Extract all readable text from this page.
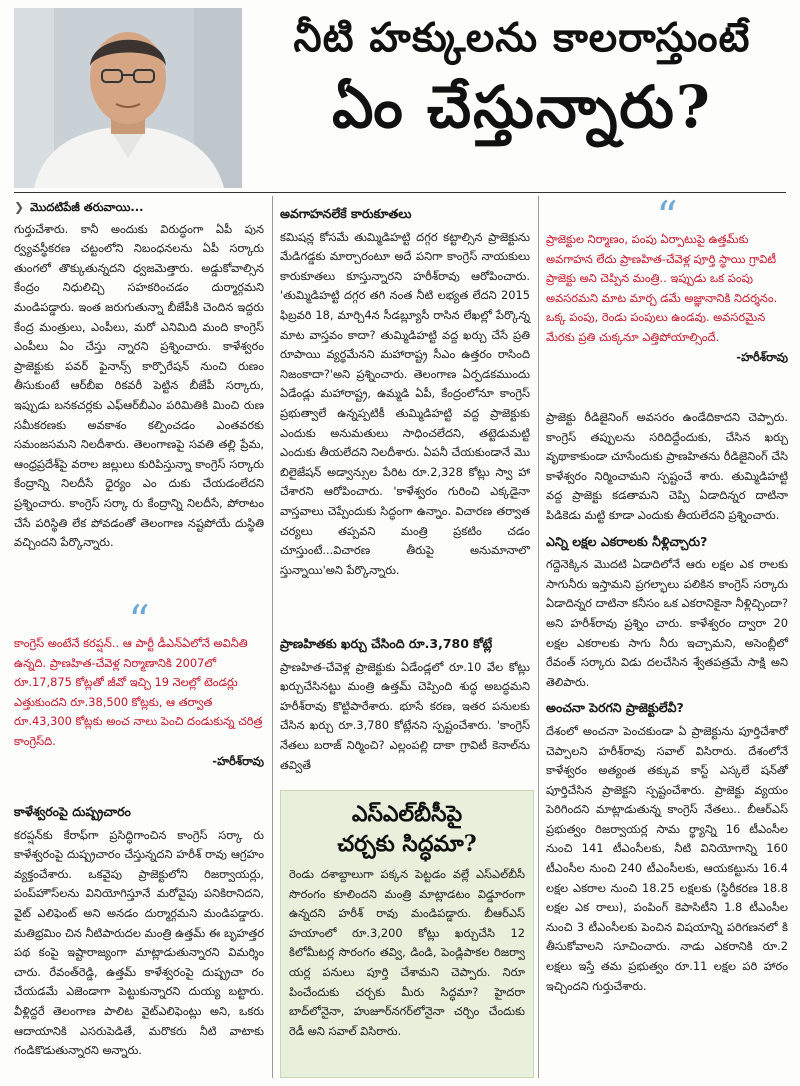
నీటి హక్కులను కాలరాస్తుంటే
ఏం చేస్తున్నారు?
❯ మొదటిపేజీ తరువాయి...

గుర్తుచేశారు. కానీ అందుకు విరుద్ధంగా ఏపీ పున ర్వ్యవస్థీకరణ చట్టంలోని నిబంధనలను ఏపీ సర్కారు తుంగలో తొక్కుతున్నదని ధ్వజమెత్తారు. అడ్డుకోవాల్సిన కేంద్రం నిధులిచ్చి సహకరించడం దుర్మార్గమని మండిపడ్డారు. ఇంత జరుగుతున్నా బీజేపీకి చెందిన ఇద్దరు కేంద్ర మంత్రులు, ఎంపీలు, మరో ఎనిమిది మంది కాంగ్రెస్ ఎంపీలు ఏం చేస్తు న్నారని ప్రశ్నించారు. కాళేశ్వరం ప్రాజెక్టుకు పవర్ ఫైనాన్స్ కార్పొరేషన్ నుంచి రుణం తీసుకుంటే ఆర్‌బీఐ రికవరీ పెట్టిన బీజేపీ సర్కారు, ఇప్పుడు బనకచర్లకు ఎఫ్ఆర్‌బీఎం పరిమితికి మించి రుణ సమీకరణకు అవకాశం కల్పించడం ఎంతవరకు సమంజసమని నిలదీశారు. తెలంగాణపై సవతి తల్లి ప్రేమ, ఆంధ్రప్రదేశ్‌పై వరాల జల్లులు కురిపిస్తున్నా కాంగ్రెస్ సర్కారు కేంద్రాన్ని నిలదీసే ధైర్యం ఎం దుకు చేయడంలేదని ప్రశ్నించారు. కాంగ్రెస్ సర్కా రు కేంద్రాన్ని నిలదీసే, పోరాటం చేసే పరిస్థితి లేక పోవడంతో తెలంగాణ నష్టపోయే దుస్థితి వచ్చిందని పేర్కొన్నారు.

“
కాంగ్రెస్ అంటేనే కరప్షన్.. ఆ పార్టీ డీఎన్ఏలోనే అవినీతి ఉన్నది. ప్రాణహిత-చేవెళ్ల నిర్మాణానికి 2007లో రూ.17,875 కోట్లతో జీవో ఇచ్చి 19 నెలల్లో టెండర్లు ఎత్తుకుందని రూ.38,500 కోట్లకు, ఆ తర్వాత రూ.43,300 కోట్లకు అంచ నాలు పెంచి దండుకున్న చరిత్ర కాంగ్రెస్‌ది.
-హరీశ్‌రావు
కాళేశ్వరంపై దుష్ప్రచారం

కరప్షన్‌కు కేరాఫ్‌గా ప్రసిద్ధిగాంచిన కాంగ్రెస్ సర్కా రు కాళేశ్వరంపై దుష్ప్రచారం చేస్తున్నదని హరీశ్ రావు ఆగ్రహం వ్యక్తంచేశారు. ఒకవైపు ప్రాజెక్టులోని రిజర్వాయర్లు, పంప్‌హౌస్‌లను వినియోగిస్తూనే మరోవైపు పనికిరానిదని, వైట్ ఎలిఫెంట్ అని అనడం దుర్మార్గమని మండిపడ్డారు. మతిభ్రమిం చిన నీటిపారుదల మంత్రి ఉత్తమ్ ఈ బృహత్తర పథ కంపై ఇష్టారాజ్యంగా మాట్లాడుతున్నారని విమర్శిం చారు. రేవంత్‌రెడ్డి, ఉత్తమ్ కాళేశ్వరంపై దుష్ప్రచా రం చేయడమే ఎజెండాగా పెట్టుకున్నారని దుయ్య బట్టారు. వీళ్లిద్దరే తెలంగాణ పాలిట వైట్ఎలిఫెంట్లు అని, ఒకరు ఆదాయానికి ఎసరుపెడితే, మరొకరు నీటి వాటాకు గండికొడుతున్నారని అన్నారు.

అవగాహనలేకే కారుకూతలు

కమిషన్ల కోసమే తుమ్మిడిహట్టి దగ్గర కట్టాల్సిన ప్రాజెక్టును మేడిగడ్డకు మార్చారంటూ అదే పనిగా కాంగ్రెస్ నాయకులు కారుకూతలు కూస్తున్నారని హరీశ్‌రావు ఆరోపించారు. 'తుమ్మిడిహట్టి దగ్గర తగి నంత నీటి లభ్యత లేదని 2015 ఫిబ్రవరి 18, మార్చి4న సీడబ్ల్యూసీ రాసిన లేఖల్లో పేర్కొన్న మాట వాస్తవం కాదా? తుమ్మిడిహట్టి వద్ద ఖర్చు చేసే ప్రతి రూపాయి వ్యర్థమేనని మహారాష్ట్ర సీఎం ఉత్తరం రాసింది నిజంకాదా?'అని ప్రశ్నించారు. తెలంగాణ ఏర్పడకముందు ఏడేండ్లు మహారాష్ట్ర, ఉమ్మడి ఏపీ, కేంద్రంలోనూ కాంగ్రెస్ ప్రభుత్వాలే ఉన్నప్పటికీ తుమ్మిడిహట్టి వద్ద ప్రాజెక్టుకు ఎందుకు అనుమతులు సాధించలేదని, తట్టెడుమట్టి ఎందుకు తీయలేదని నిలదీశారు. ఏపనీ చేయకుండానే మొ బిలైజేషన్ అడ్వాన్సుల పేరిట రూ.2,328 కోట్లు స్వా హా చేశారని ఆరోపించారు. 'కాళేశ్వరం గురించి ఎక్కడైనా వాస్తవాలు చెప్పేందుకు సిద్ధంగా ఉన్నాం. విచారణ తర్వాత చర్యలు తప్పవని మంత్రి ప్రకటిం చడం చూస్తుంటే...విచారణ తీరుపై అనుమానాలొ స్తున్నాయి'అని పేర్కొన్నారు.

ప్రాణహితకు ఖర్చు చేసింది రూ.3,780 కోట్లే

ప్రాణహిత-చేవెళ్ల ప్రాజెక్టుకు ఏడేండ్లలో రూ.10 వేల కోట్లు ఖర్చుచేసినట్టు మంత్రి ఉత్తమ్ చెప్పింది శుద్ధ అబద్ధమని హరీశ్‌రావు కొట్టిపారేశారు. భూసే కరణ, ఇతర పనులకు చేసిన ఖర్చు రూ.3,780 కోట్లేనని స్పష్టంచేశారు. 'కాంగ్రెస్ నేతలు బరాజ్ నిర్మించి? ఎల్లంపల్లి దాకా గ్రావిటీ కెనాల్‌ను తవ్వితే

ఎస్ఎల్‌బీసీపై
చర్చకు సిద్ధమా?

రెండు దశాబ్దాలుగా పక్కన పెట్టడం వల్లే ఎస్ఎల్‌బీసీ సొరంగం కూలిందని మంత్రి మాట్లాడటం విడ్డూరంగా ఉన్నదని హరీశ్ రావు మండిపడ్డారు. బీఆర్ఎస్ హయాంలో రూ.3,200 కోట్లు ఖర్చుచేసి 12 కిలోమీటర్ల సొరంగం తవ్వి, డిండి, పెండ్లిపాకల రిజర్వా యర్ల పనులు పూర్తి చేశామని చెప్పారు. నిరూ పించేందుకు చర్చకు మీరు సిద్ధమా? హైదరా బాద్‌లోనైనా, హుజూర్‌నగర్‌లోనైనా చర్చిం చేందుకు రెడీ అని సవాల్ విసిరారు.

“
ప్రాజెక్టుల నిర్మాణం, పంపు ఏర్పాటుపై ఉత్తమ్‌కు అవగాహన లేదు ప్రాణహిత-చేవెళ్ల పూర్తి స్థాయి గ్రావిటీ ప్రాజెక్టు అని చెప్పిన మంత్రి.. ఇప్పుడు ఒక పంపు అవసరమని మాట మార్చ డమే అజ్ఞానానికి నిదర్శనం. ఒక్క పంపు, రెండు పంపులు ఉండవు. అవసరమైన మేరకు ప్రతి చుక్కనూ ఎత్తిపోయాల్సిందే.
-హరీశ్‌రావు

ప్రాజెక్టు రీడిజైనింగ్ అవసరం ఉండేదికాదని చెప్పారు. కాంగ్రెస్ తప్పులను సరిదిద్దేందుకు, చేసిన ఖర్చు వృథాకాకుండా చూసేందుకు ప్రాణహితను రీడిజైనింగ్ చేసి కాళేశ్వరం నిర్మించామని స్పష్టంచే శారు. తుమ్మిడిహట్టి వద్ద ప్రాజెక్టు కడతామని చెప్పి ఏడాదిన్నర దాటినా పిడికెడు మట్టి కూడా ఎందుకు తీయలేదని ప్రశ్నించారు.

ఎన్ని లక్షల ఎకరాలకు నీళ్లిచ్చారు?

గద్దెనెక్కిన మొదటి ఏడాదిలోనే ఆరు లక్షల ఎక రాలకు సాగునీరు ఇస్తామని ప్రగల్భాలు పలికిన కాంగ్రెస్ సర్కారు ఏడాదిన్నర దాటినా కనీసం ఒక ఎకరానికైనా నీళ్లిచ్చిందా? అని హరీశ్‌రావు ప్రశ్నిం చారు. కాళేశ్వరం ద్వారా 20 లక్షల ఎకరాలకు సాగు నీరు ఇచ్చామని, అసెంబ్లీలో రేవంత్ సర్కారు విడు దలచేసిన శ్వేతపత్రమే సాక్షి అని తెలిపారు.

అంచనా పెరగని ప్రాజెక్టులేవీ?

దేశంలో అంచనా పెంచకుండా ఏ ప్రాజెక్టును పూర్తిచేశారో చెప్పాలని హరీశ్‌రావు సవాల్ విసిరారు. దేశంలోనే కాళేశ్వరం అత్యంత తక్కువ కాస్ట్ ఎస్కలే షన్‌తో పూర్తిచేసిన ప్రాజెక్టని స్పష్టంచేశారు. ప్రాజెక్టు వ్యయం పెరిగిందని మాట్లాడుతున్న కాంగ్రెస్ నేతలు.. బీఆర్ఎస్ ప్రభుత్వం రిజర్వాయర్ల సామ ర్థ్యాన్ని 16 టీఎంసీల నుంచి 141 టీఎంసీలకు, నీటి వినియోగాన్ని 160 టీఎంసీల నుంచి 240 టీఎంసీలకు, ఆయకట్టును 16.4 లక్షల ఎకరాల నుంచి 18.25 లక్షలకు (స్థిరీకరణ 18.8 లక్షల ఎక రాలు), పంపింగ్ కెపాసిటీని 1.8 టీఎంసీల నుంచి 3 టీఎంసీలకు పెంచిన విషయాన్ని పరిగణనలో కి తీసుకోవాలని సూచించారు. నాడు ఎకరానికి రూ.2 లక్షలు ఇస్తే తమ ప్రభుత్వం రూ.11 లక్షల పరి హారం ఇచ్చిందని గుర్తుచేశారు.
